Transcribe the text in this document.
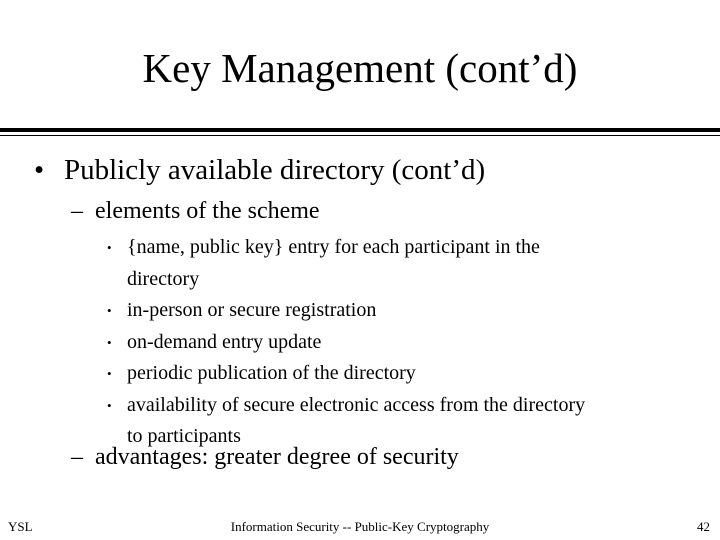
Key Management (cont’d)
• Publicly available directory (cont’d)
– elements of the scheme
• {name, public key} entry for each participant in the
directory
• in-person or secure registration
• on-demand entry update
• periodic publication of the directory
• availability of secure electronic access from the directory
to participants
– advantages: greater degree of security
YSL	Information Security -- Public-Key Cryptography	42
